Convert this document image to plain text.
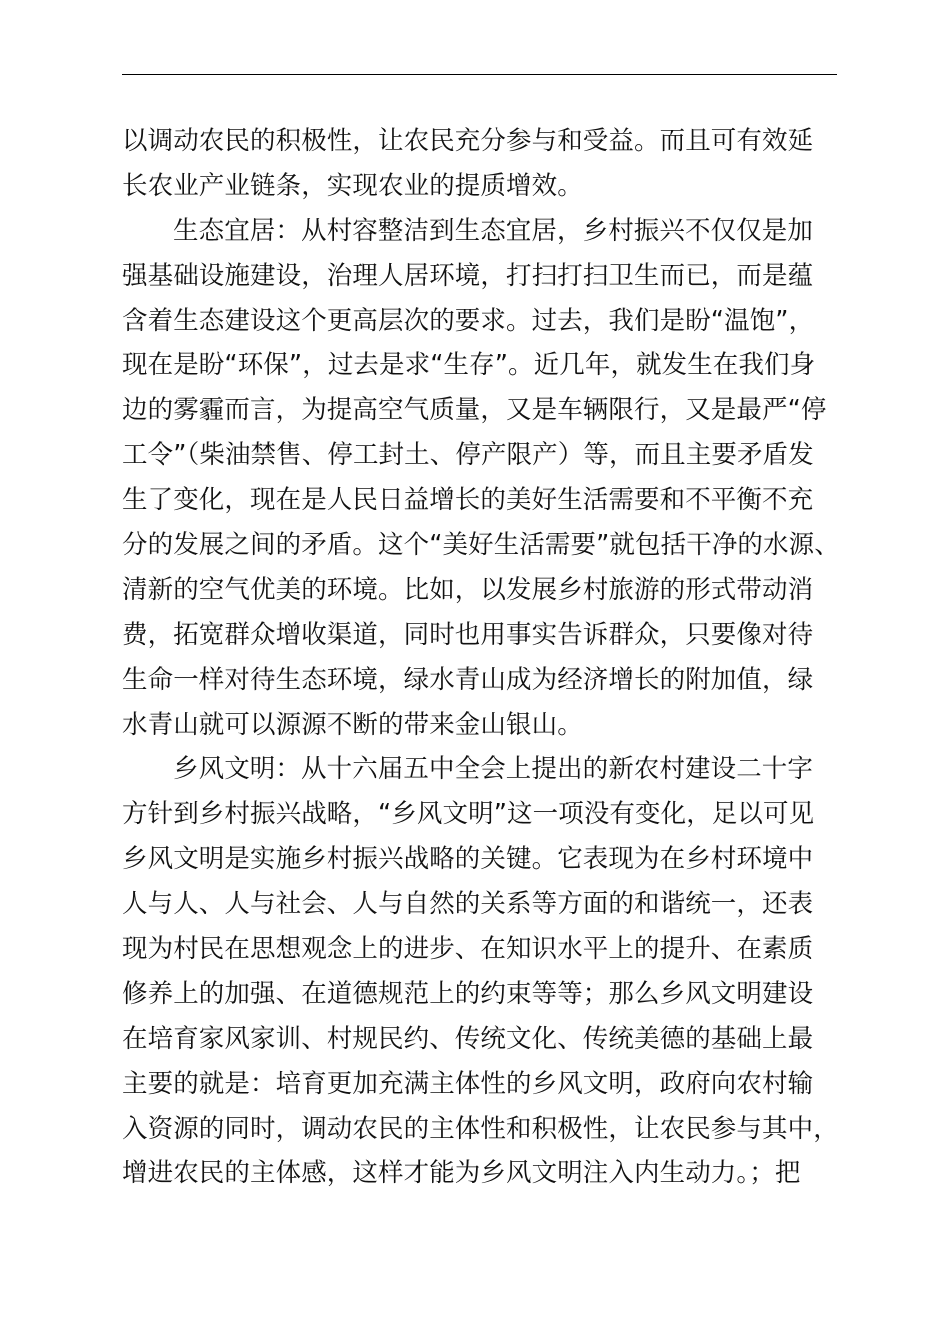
以调动农民的积极性，让农民充分参与和受益。而且可有效延
长农业产业链条，实现农业的提质增效。
生态宜居：从村容整洁到生态宜居，乡村振兴不仅仅是加
强基础设施建设，治理人居环境，打扫打扫卫生而已，而是蕴
含着生态建设这个更高层次的要求。过去，我们是盼“温饱”，
现在是盼“环保”，过去是求“生存”。近几年，就发生在我们身
边的雾霾而言，为提高空气质量，又是车辆限行，又是最严“停
工令”（柴油禁售、停工封土、停产限产）等，而且主要矛盾发
生了变化，现在是人民日益增长的美好生活需要和不平衡不充
分的发展之间的矛盾。这个“美好生活需要”就包括干净的水源、
清新的空气优美的环境。比如，以发展乡村旅游的形式带动消
费，拓宽群众增收渠道，同时也用事实告诉群众，只要像对待
生命一样对待生态环境，绿水青山成为经济增长的附加值，绿
水青山就可以源源不断的带来金山银山。
乡风文明：从十六届五中全会上提出的新农村建设二十字
方针到乡村振兴战略，“乡风文明”这一项没有变化，足以可见
乡风文明是实施乡村振兴战略的关键。它表现为在乡村环境中
人与人、人与社会、人与自然的关系等方面的和谐统一，还表
现为村民在思想观念上的进步、在知识水平上的提升、在素质
修养上的加强、在道德规范上的约束等等；那么乡风文明建设
在培育家风家训、村规民约、传统文化、传统美德的基础上最
主要的就是：培育更加充满主体性的乡风文明，政府向农村输
入资源的同时，调动农民的主体性和积极性，让农民参与其中，
增进农民的主体感，这样才能为乡风文明注入内生动力。；把
